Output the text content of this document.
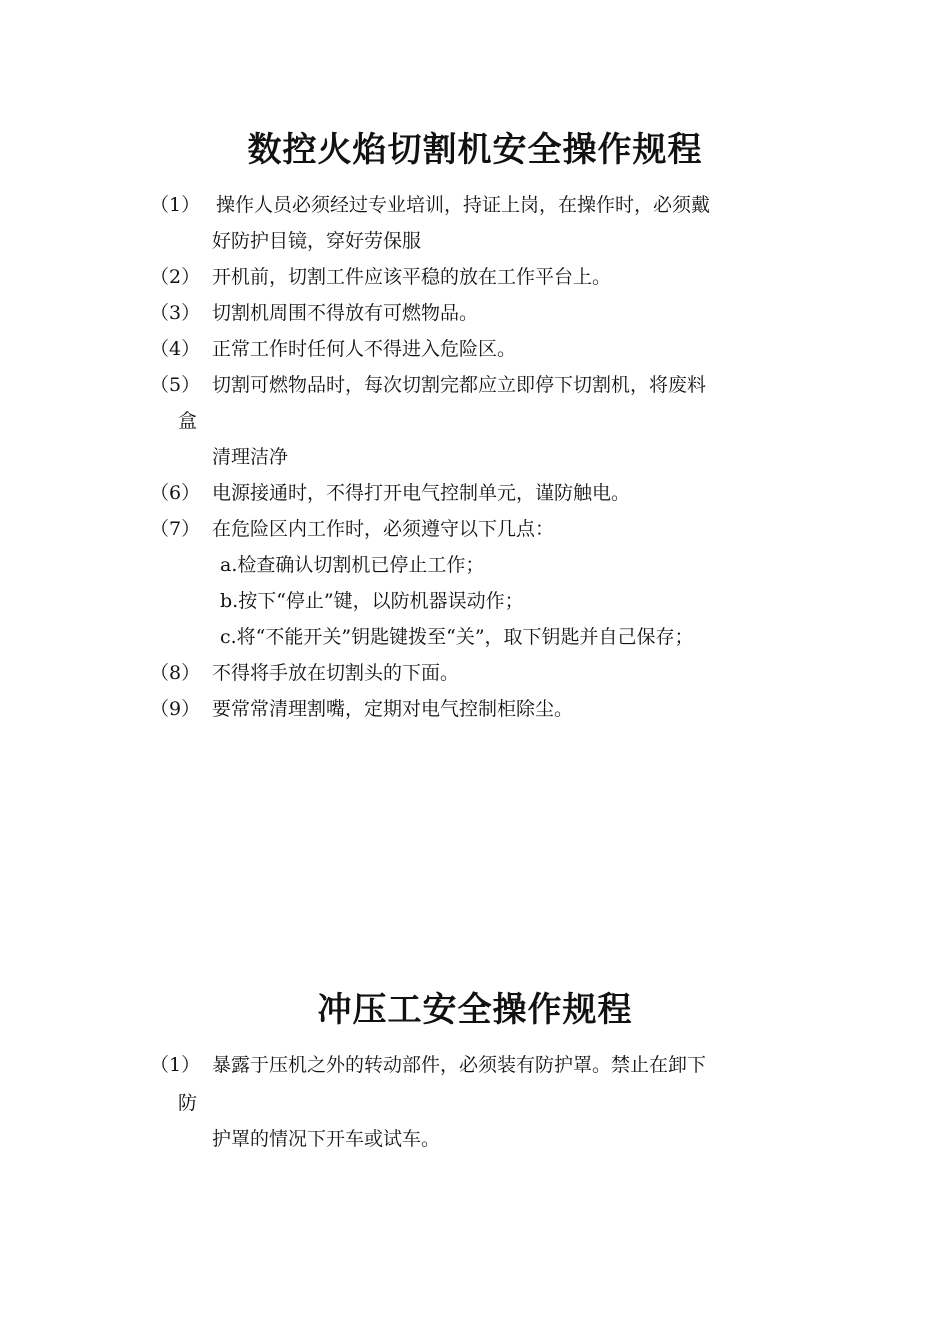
数控火焰切割机安全操作规程
（1） 操作人员必须经过专业培训，持证上岗，在操作时，必须戴
好防护目镜，穿好劳保服
（2） 开机前，切割工件应该平稳的放在工作平台上。
（3） 切割机周围不得放有可燃物品。
（4） 正常工作时任何人不得进入危险区。
（5） 切割可燃物品时，每次切割完都应立即停下切割机，将废料
盒
清理洁净
（6） 电源接通时，不得打开电气控制单元，谨防触电。
（7） 在危险区内工作时，必须遵守以下几点：
a.检查确认切割机已停止工作；
b.按下“停止”键，以防机器误动作；
c.将“不能开关”钥匙键拨至“关”，取下钥匙并自己保存；
（8） 不得将手放在切割头的下面。
（9） 要常常清理割嘴，定期对电气控制柜除尘。
冲压工安全操作规程
（1） 暴露于压机之外的转动部件，必须装有防护罩。禁止在卸下
防
护罩的情况下开车或试车。
